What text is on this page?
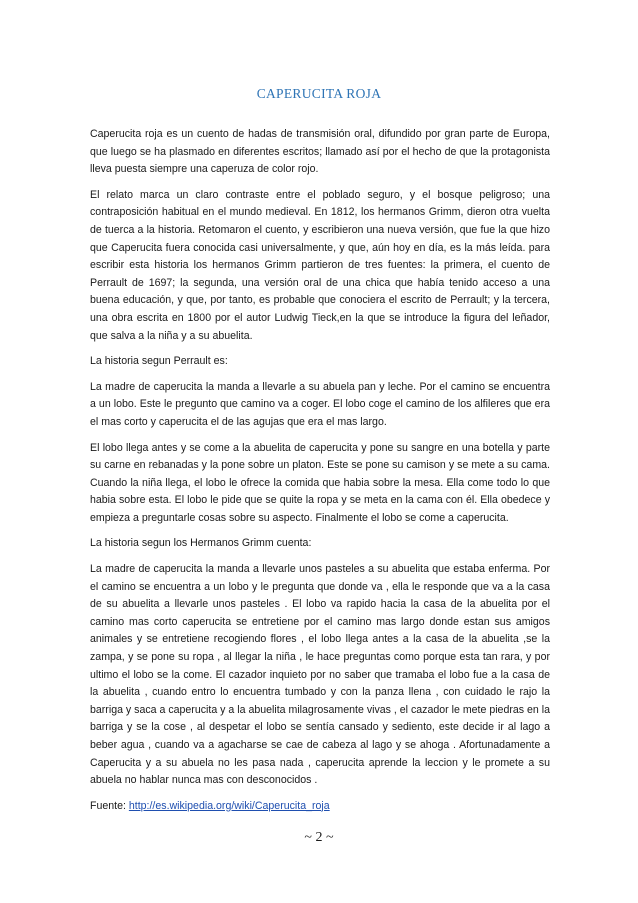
CAPERUCITA ROJA

Caperucita roja es un cuento de hadas de transmisión oral, difundido por gran parte de Europa, que luego se ha plasmado en diferentes escritos; llamado así por el hecho de que la protagonista lleva puesta siempre una caperuza de color rojo.

El relato marca un claro contraste entre el poblado seguro, y el bosque peligroso; una contraposición habitual en el mundo medieval. En 1812, los hermanos Grimm, dieron otra vuelta de tuerca a la historia. Retomaron el cuento, y escribieron una nueva versión, que fue la que hizo que Caperucita fuera conocida casi universalmente, y que, aún hoy en día, es la más leída. para escribir esta historia los hermanos Grimm partieron de tres fuentes: la primera, el cuento de Perrault de 1697; la segunda, una versión oral de una chica que había tenido acceso a una buena educación, y que, por tanto, es probable que conociera el escrito de Perrault; y la tercera, una obra escrita en 1800 por el autor Ludwig Tieck,en la que se introduce la figura del leñador, que salva a la niña y a su abuelita.

La historia segun Perrault es:

La madre de caperucita la manda a llevarle a su abuela pan y leche. Por el camino se encuentra a un lobo. Este le pregunto que camino va a coger. El lobo coge el camino de los alfileres que era el mas corto y caperucita el de las agujas que era el mas largo.

El lobo llega antes y se come a la abuelita de caperucita y pone su sangre en una botella y parte su carne en rebanadas y la pone sobre un platon. Este se pone su camison y se mete a su cama. Cuando la niña llega, el lobo le ofrece la comida que habia sobre la mesa. Ella come todo lo que habia sobre esta. El lobo le pide que se quite la ropa y se meta en la cama con él. Ella obedece y empieza a preguntarle cosas sobre su aspecto. Finalmente el lobo se come a caperucita.

La historia segun los Hermanos Grimm cuenta:

La madre de caperucita la manda a llevarle unos pasteles a su abuelita que estaba enferma. Por el camino se encuentra a un lobo y le pregunta que donde va , ella le responde que va a la casa de su abuelita a llevarle unos pasteles . El lobo va rapido hacia la casa de la abuelita por el camino mas corto caperucita se entretiene por el camino mas largo donde estan sus amigos animales y se entretiene recogiendo flores , el lobo llega antes a la casa de la abuelita ,se la zampa, y se pone su ropa , al llegar la niña , le hace preguntas como porque esta tan rara, y por ultimo el lobo se la come. El cazador inquieto por no saber que tramaba el lobo fue a la casa de la abuelita , cuando entro lo encuentra tumbado y con la panza llena , con cuidado le rajo la barriga y saca a caperucita y a la abuelita milagrosamente vivas , el cazador le mete piedras en la barriga y se la cose , al despetar el lobo se sentía cansado y sediento, este decide ir al lago a beber agua , cuando va a agacharse se cae de cabeza al lago y se ahoga . Afortunadamente a Caperucita y a su abuela no les pasa nada , caperucita aprende la leccion y le promete a su abuela no hablar nunca mas con desconocidos .

Fuente: http://es.wikipedia.org/wiki/Caperucita_roja

~ 2 ~
